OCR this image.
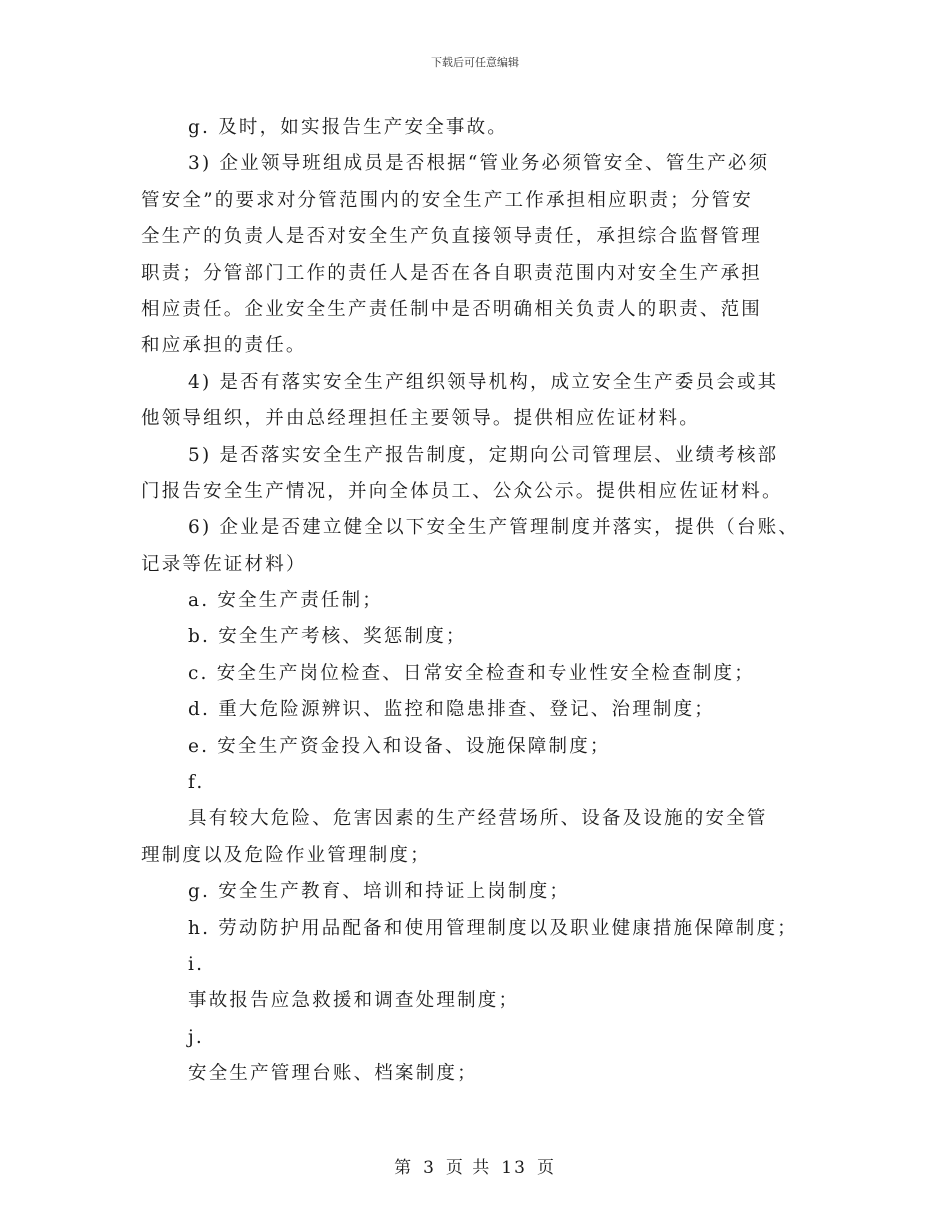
下载后可任意编辑
g. 及时，如实报告生产安全事故。
3) 企业领导班组成员是否根据“管业务必须管安全、管生产必须
管安全”的要求对分管范围内的安全生产工作承担相应职责；分管安
全生产的负责人是否对安全生产负直接领导责任，承担综合监督管理
职责；分管部门工作的责任人是否在各自职责范围内对安全生产承担
相应责任。企业安全生产责任制中是否明确相关负责人的职责、范围
和应承担的责任。
4) 是否有落实安全生产组织领导机构，成立安全生产委员会或其
他领导组织，并由总经理担任主要领导。提供相应佐证材料。
5) 是否落实安全生产报告制度，定期向公司管理层、业绩考核部
门报告安全生产情况，并向全体员工、公众公示。提供相应佐证材料。
6) 企业是否建立健全以下安全生产管理制度并落实，提供（台账、
记录等佐证材料）
a. 安全生产责任制；
b. 安全生产考核、奖惩制度；
c. 安全生产岗位检查、日常安全检查和专业性安全检查制度；
d. 重大危险源辨识、监控和隐患排查、登记、治理制度；
e. 安全生产资金投入和设备、设施保障制度；
f.
具有较大危险、危害因素的生产经营场所、设备及设施的安全管
理制度以及危险作业管理制度；
g. 安全生产教育、培训和持证上岗制度；
h. 劳动防护用品配备和使用管理制度以及职业健康措施保障制度；
i.
事故报告应急救援和调查处理制度；
j.
安全生产管理台账、档案制度；
第 3 页 共 13 页
